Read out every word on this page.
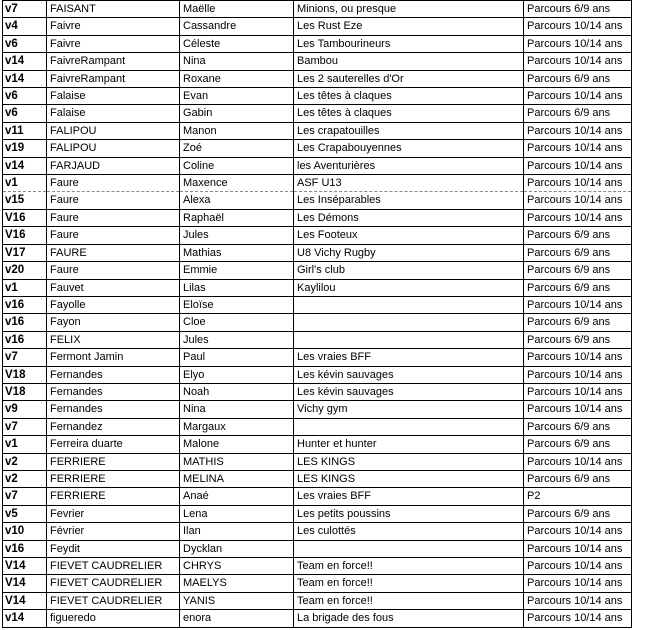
v7	FAISANT	Maëlle	Minions, ou presque	Parcours 6/9 ans
v4	Faivre	Cassandre	Les Rust Eze	Parcours 10/14 ans
v6	Faivre	Céleste	Les Tambourineurs	Parcours 10/14 ans
v14	FaivreRampant	Nina	Bambou	Parcours 10/14 ans
v14	FaivreRampant	Roxane	Les 2 sauterelles d'Or	Parcours 6/9 ans
v6	Falaise	Evan	Les têtes à claques	Parcours 10/14 ans
v6	Falaise	Gabin	Les têtes à claques	Parcours 6/9 ans
v11	FALIPOU	Manon	Les crapatouilles	Parcours 10/14 ans
v19	FALIPOU	Zoé	Les Crapabouyennes	Parcours 10/14 ans
v14	FARJAUD	Coline	les Aventurières	Parcours 10/14 ans
v1	Faure	Maxence	ASF U13	Parcours 10/14 ans
v15	Faure	Alexa	Les Inséparables	Parcours 10/14 ans
V16	Faure	Raphaël	Les Démons	Parcours 10/14 ans
V16	Faure	Jules	Les Footeux	Parcours 6/9 ans
V17	FAURE	Mathias	U8 Vichy Rugby	Parcours 6/9 ans
v20	Faure	Emmie	Girl's club	Parcours 6/9 ans
v1	Fauvet	Lilas	Kaylilou	Parcours 6/9 ans
v16	Fayolle	Eloïse		Parcours 10/14 ans
v16	Fayon	Cloe		Parcours 6/9 ans
v16	FELIX	Jules		Parcours 6/9 ans
v7	Fermont Jamin	Paul	Les vraies BFF	Parcours 10/14 ans
V18	Fernandes	Elyo	Les kévin sauvages	Parcours 10/14 ans
V18	Fernandes	Noah	Les kévin sauvages	Parcours 10/14 ans
v9	Fernandes	Nina	Vichy gym	Parcours 10/14 ans
v7	Fernandez	Margaux		Parcours 6/9 ans
v1	Ferreira duarte	Malone	Hunter et hunter	Parcours 6/9 ans
v2	FERRIERE	MATHIS	LES KINGS	Parcours 10/14 ans
v2	FERRIERE	MELINA	LES KINGS	Parcours 6/9 ans
v7	FERRIERE	Anaé	Les vraies BFF	P2
v5	Fevrier	Lena	Les petits poussins	Parcours 6/9 ans
v10	Février	Ilan	Les culottés	Parcours 10/14 ans
v16	Feydit	Dycklan		Parcours 10/14 ans
V14	FIEVET CAUDRELIER	CHRYS	Team en force!!	Parcours 10/14 ans
V14	FIEVET CAUDRELIER	MAELYS	Team en force!!	Parcours 10/14 ans
V14	FIEVET CAUDRELIER	YANIS	Team en force!!	Parcours 10/14 ans
v14	figueredo	enora	La brigade des fous	Parcours 10/14 ans
